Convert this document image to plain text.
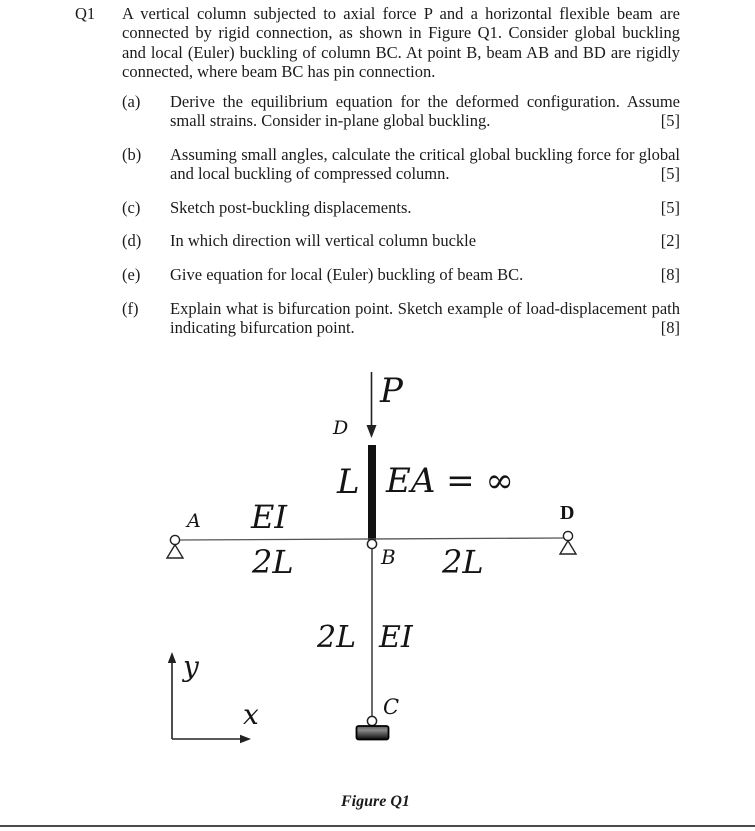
Q1 A vertical column subjected to axial force P and a horizontal flexible beam are connected by rigid connection, as shown in Figure Q1. Consider global buckling and local (Euler) buckling of column BC. At point B, beam AB and BD are rigidly connected, where beam BC has pin connection.
(a) Derive the equilibrium equation for the deformed configuration. Assume small strains. Consider in-plane global buckling.	[5]
(b) Assuming small angles, calculate the critical global buckling force for global and local buckling of compressed column.	[5]
(c) Sketch post-buckling displacements.	[5]
(d) In which direction will vertical column buckle	[2]
(e) Give equation for local (Euler) buckling of beam BC.	[8]
(f) Explain what is bifurcation point. Sketch example of load-displacement path indicating bifurcation point.	[8]
P
D
L EA = ∞
A EI
2L	B 2L
D
2L EI
y
x	C
Figure Q1
